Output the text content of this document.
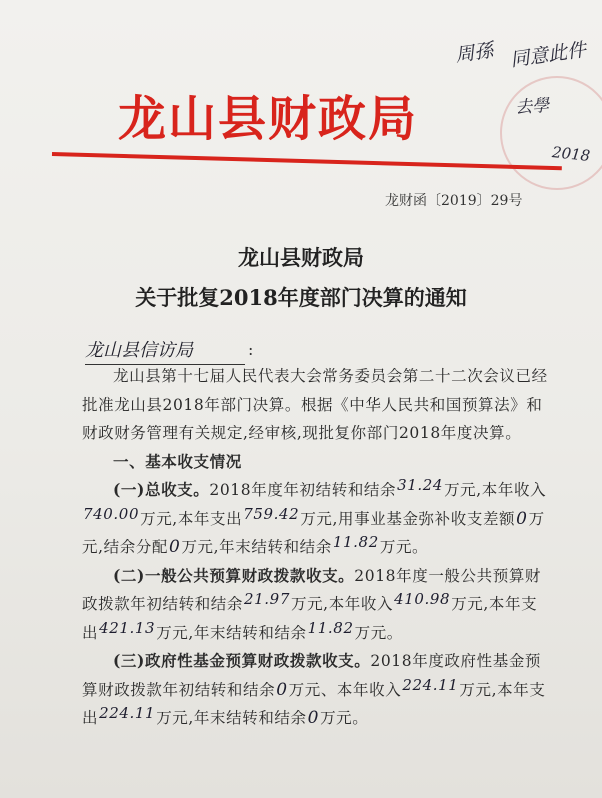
周孫 同意此件
去學
2018
龙山县财政局
龙财函〔2019〕29号
龙山县财政局
关于批复2018年度部门决算的通知
龙山县信访局	:

龙山县第十七届人民代表大会常务委员会第二十二次会议已经批准龙山县2018年部门决算。根据《中华人民共和国预算法》和财政财务管理有关规定,经审核,现批复你部门2018年度决算。

一、基本收支情况

(一)总收支。2018年度年初结转和结余31.24万元,本年收入740.00万元,本年支出759.42万元,用事业基金弥补收支差额0万元,结余分配0万元,年末结转和结余11.82万元。

(二)一般公共预算财政拨款收支。2018年度一般公共预算财政拨款年初结转和结余21.97万元,本年收入410.98万元,本年支出421.13万元,年末结转和结余11.82万元。

(三)政府性基金预算财政拨款收支。2018年度政府性基金预算财政拨款年初结转和结余0万元、本年收入224.11万元,本年支出224.11万元,年末结转和结余0万元。
